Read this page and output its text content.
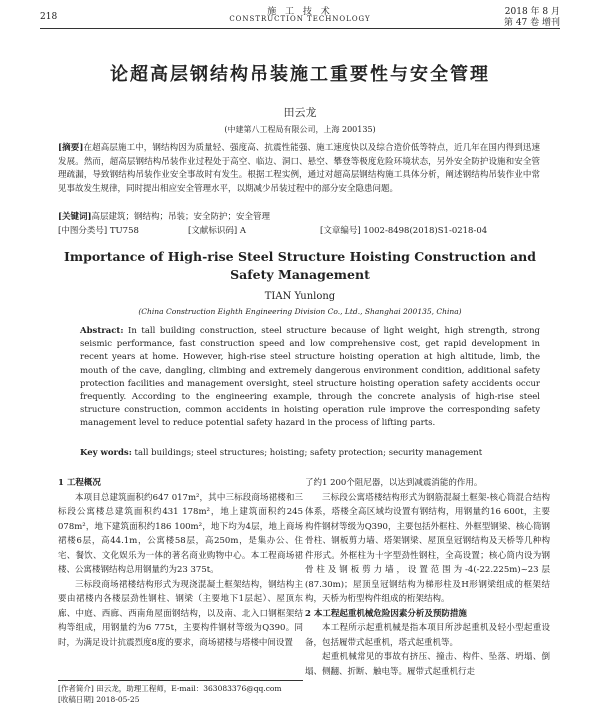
218	施 工 技 术
CONSTRUCTION TECHNOLOGY
2018 年 8 月
第 47 卷 增刊
论超高层钢结构吊装施工重要性与安全管理
田云龙
(中建第八工程局有限公司，上海 200135)
[摘要]在超高层施工中，钢结构因为质量轻、强度高、抗震性能强、施工速度快以及综合造价低等特点，近几年在国内得到迅速发展。然而，超高层钢结构吊装作业过程处于高空、临边、洞口、悬空、攀登等极度危险环境状态，另外安全防护设施和安全管理疏漏，导致钢结构吊装作业安全事故时有发生。根据工程实例，通过对超高层钢结构施工具体分析，阐述钢结构吊装作业中常见事故发生规律，同时提出相应安全管理水平，以期减少吊装过程中的部分安全隐患问题。
[关键词]高层建筑；钢结构；吊装；安全防护；安全管理
[中图分类号] TU758	[文献标识码] A	[文章编号] 1002-8498(2018)S1-0218-04
Importance of High-rise Steel Structure Hoisting Construction and Safety Management
TIAN Yunlong
(China Construction Eighth Engineering Division Co., Ltd., Shanghai 200135, China)
Abstract: In tall building construction, steel structure because of light weight, high strength, strong seismic performance, fast construction speed and low comprehensive cost, get rapid development in recent years at home. However, high-rise steel structure hoisting operation at high altitude, limb, the mouth of the cave, dangling, climbing and extremely dangerous environment condition, additional safety protection facilities and management oversight, steel structure hoisting operation safety accidents occur frequently. According to the engineering example, through the concrete analysis of high-rise steel structure construction, common accidents in hoisting operation rule improve the corresponding safety management level to reduce potential safety hazard in the process of lifting parts.
Key words: tall buildings; steel structures; hoisting; safety protection; security management

1 工程概况

本项目总建筑面积约647 017m²，其中三标段商场裙楼和三标段公寓楼总建筑面积约431 178m²，地上建筑面积约245 078m²，地下建筑面积约186 100m²，地下均为4层，地上商场裙楼6层，高44.1m，公寓楼58层，高250m，是集办公、住宅、餐饮、文化娱乐为一体的著名商业购物中心。本工程商场裙楼、公寓楼钢结构总用钢量约为23 375t。

三标段商场裙楼结构形式为现浇混凝土框架结构，钢结构主要由裙楼内各楼层劲性钢柱、钢梁（主要地下1层起）、屋顶东廊、中庭、西廊、西南角屋面钢结构，以及南、北入口钢框架结构等组成，用钢量约为6 775t，主要构件钢材等级为Q390。同时，为满足设计抗震烈度8度的要求，商场裙楼与塔楼中间设置

了约1 200个阻尼器，以达到减震消能的作用。

三标段公寓塔楼结构形式为钢筋混凝土框架-核心筒混合结构体系，塔楼全高区域均设置有钢结构，用钢量约16 600t，主要构件钢材等级为Q390，主要包括外框柱、外框型钢梁、核心筒钢骨柱、钢板剪力墙、塔架钢梁、屋顶皇冠钢结构及天桥等几种构件形式。外框柱为十字型劲性钢柱，全高设置；核心筒内设为钢骨柱及钢板剪力墙，设置范围为-4(-22.225m)~23层(87.30m)；屋顶皇冠钢结构为梯形柱及H形钢梁组成的框架结构，天桥为桁型构件组成的桁架结构。

2 本工程起重机械危险因素分析及预防措施

本工程所示起重机械是指本项目所涉起重机及轻小型起重设备，包括履带式起重机，塔式起重机等。

起重机械常见的事故有挤压、撞击、构件、坠落、坍塌、倒塌、侧翻、折断、触电等。履带式起重机行走

[作者简介] 田云龙，助理工程师，E-mail：363083376@qq.com
[收稿日期] 2018-05-25
